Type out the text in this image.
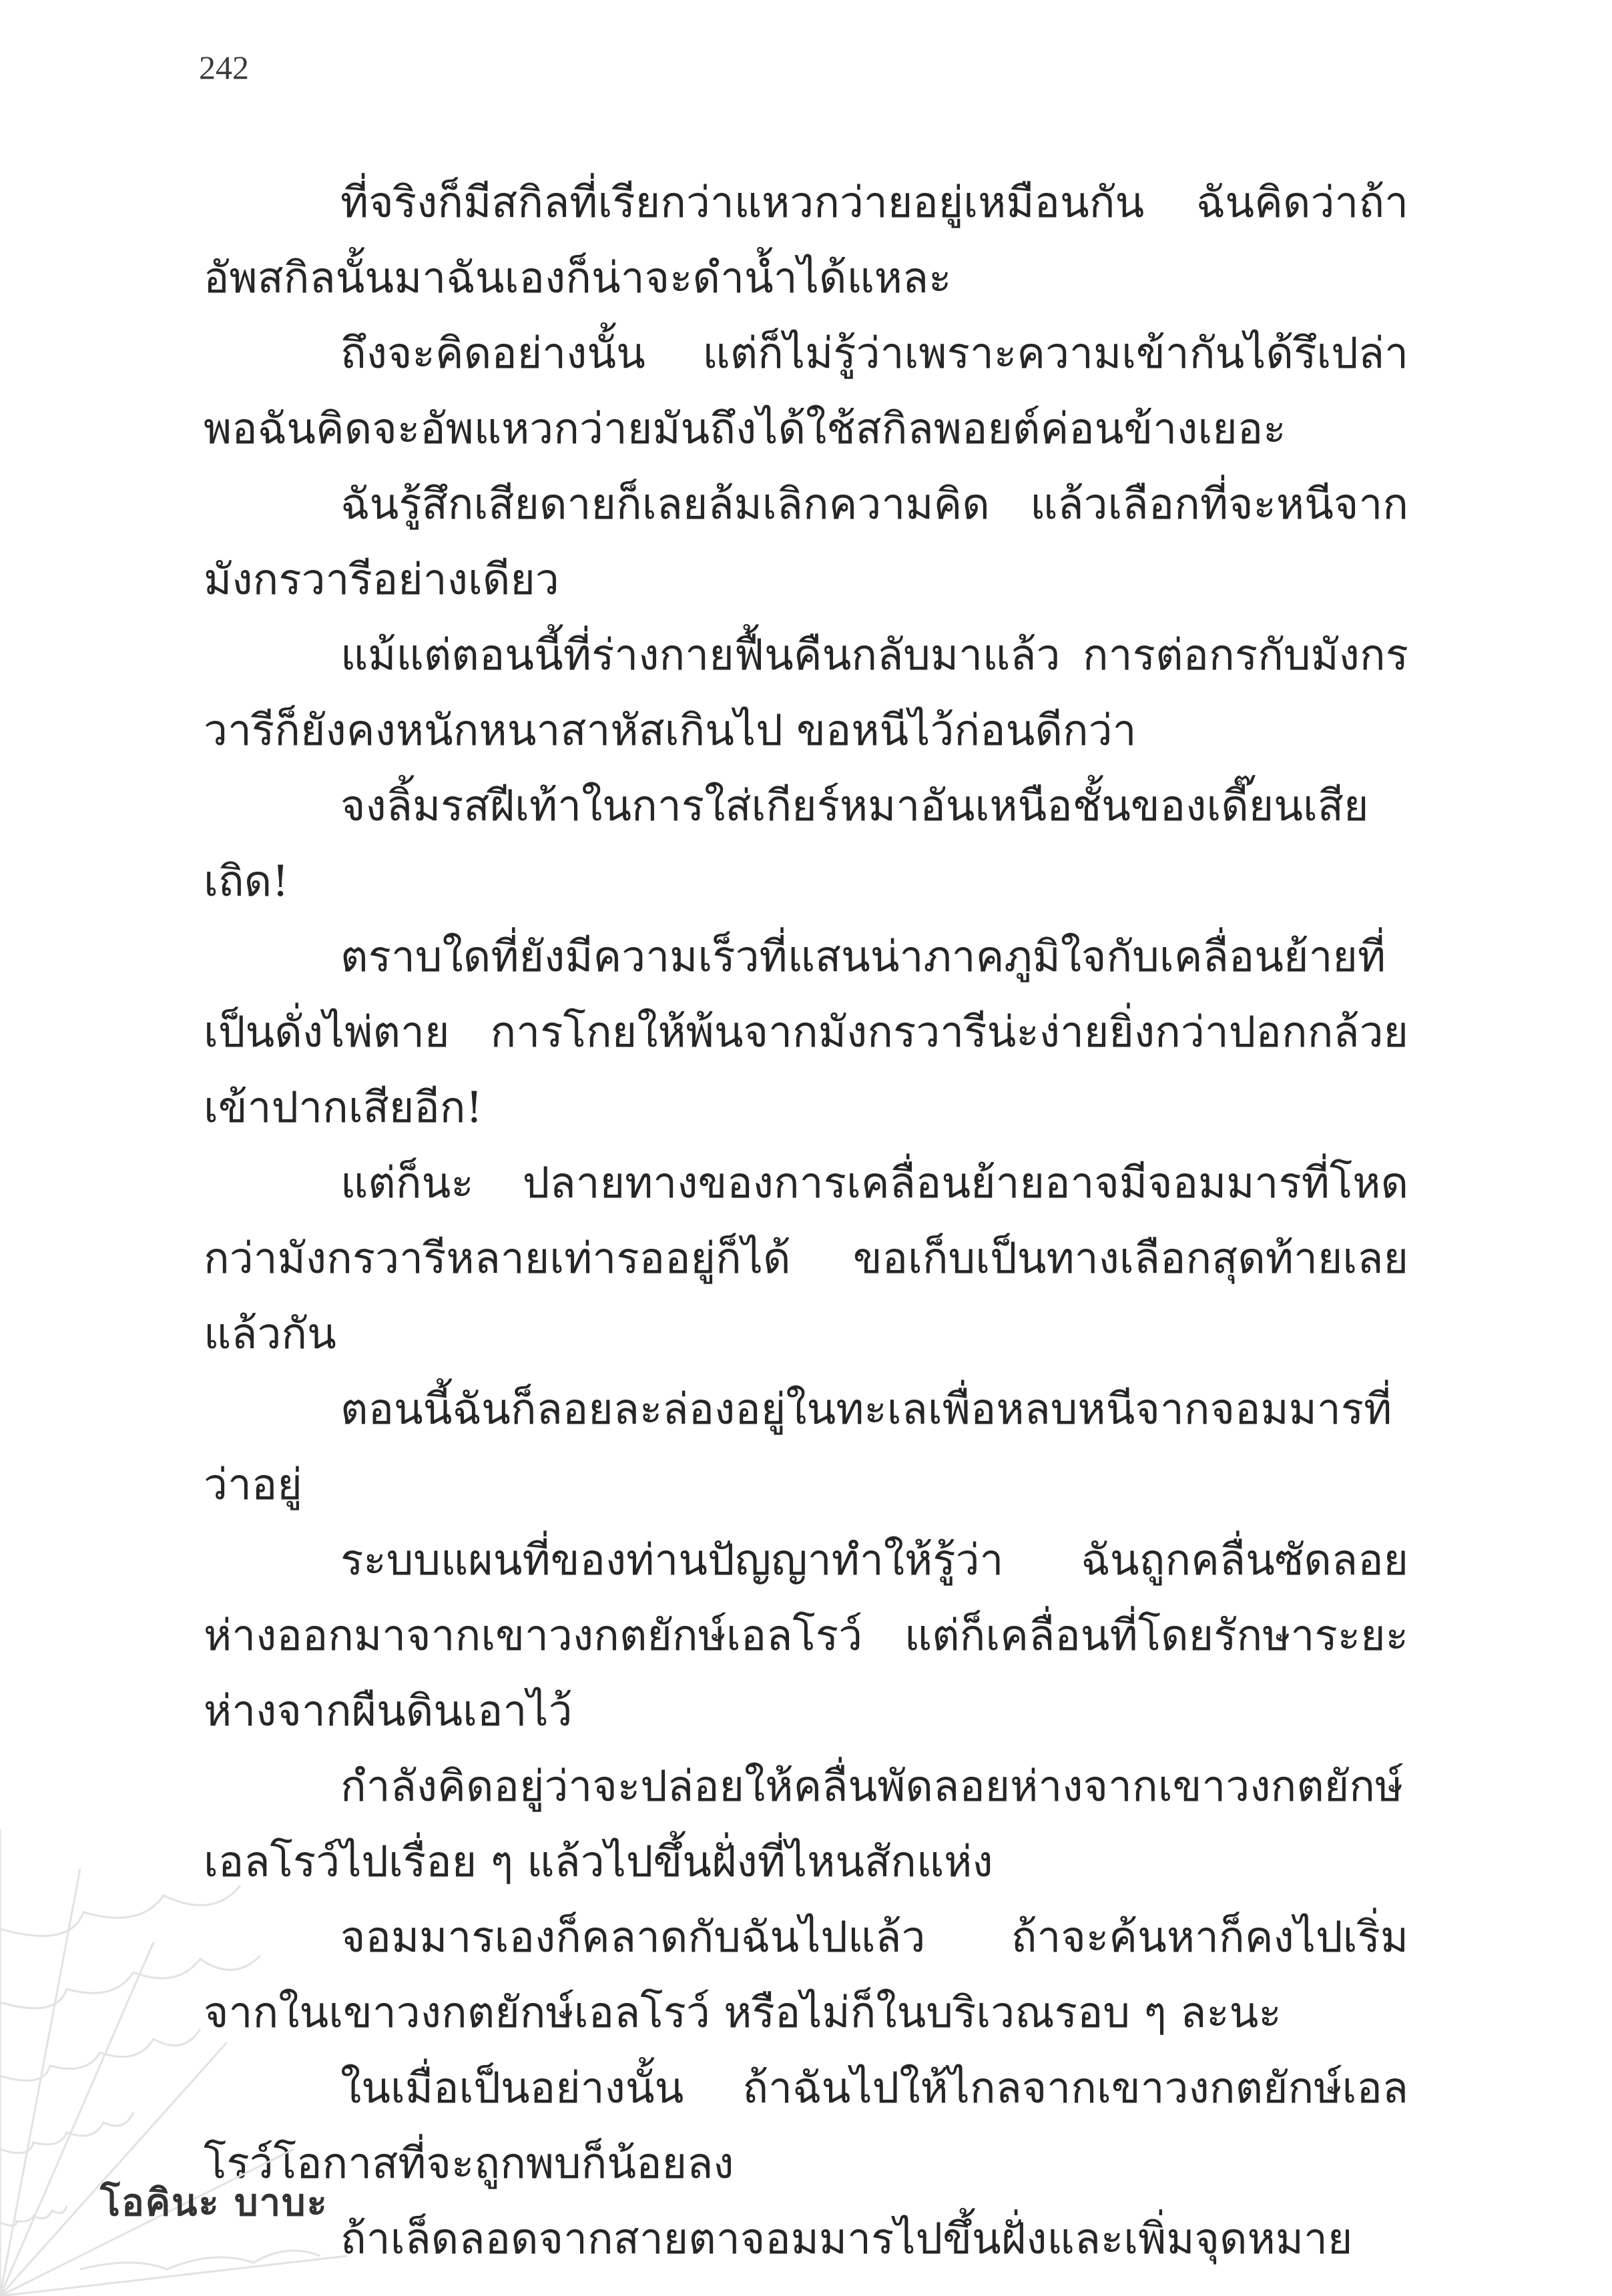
242

ที่จริงก็มีสกิลที่เรียกว่าแหวกว่ายอยู่เหมือนกัน ฉันคิดว่าถ้าอัพสกิลนั้นมาฉันเองก็น่าจะดำน้ำได้แหละ

ถึงจะคิดอย่างนั้น แต่ก็ไม่รู้ว่าเพราะความเข้ากันได้รึเปล่า พอฉันคิดจะอัพแหวกว่ายมันถึงได้ใช้สกิลพอยต์ค่อนข้างเยอะ

ฉันรู้สึกเสียดายก็เลยล้มเลิกความคิด แล้วเลือกที่จะหนีจากมังกรวารีอย่างเดียว

แม้แต่ตอนนี้ที่ร่างกายฟื้นคืนกลับมาแล้ว การต่อกรกับมังกรวารีก็ยังคงหนักหนาสาหัสเกินไป ขอหนีไว้ก่อนดีกว่า

จงลิ้มรสฝีเท้าในการใส่เกียร์หมาอันเหนือชั้นของเดี๊ยนเสียเถิด!

ตราบใดที่ยังมีความเร็วที่แสนน่าภาคภูมิใจกับเคลื่อนย้ายที่เป็นดั่งไพ่ตาย การโกยให้พ้นจากมังกรวารีน่ะง่ายยิ่งกว่าปอกกล้วยเข้าปากเสียอีก!

แต่ก็นะ ปลายทางของการเคลื่อนย้ายอาจมีจอมมารที่โหดกว่ามังกรวารีหลายเท่ารออยู่ก็ได้ ขอเก็บเป็นทางเลือกสุดท้ายเลยแล้วกัน

ตอนนี้ฉันก็ลอยละล่องอยู่ในทะเลเพื่อหลบหนีจากจอมมารที่ว่าอยู่

ระบบแผนที่ของท่านปัญญาทำให้รู้ว่า ฉันถูกคลื่นซัดลอยห่างออกมาจากเขาวงกตยักษ์เอลโรว์ แต่ก็เคลื่อนที่โดยรักษาระยะห่างจากผืนดินเอาไว้

กำลังคิดอยู่ว่าจะปล่อยให้คลื่นพัดลอยห่างจากเขาวงกตยักษ์เอลโรว์ไปเรื่อย ๆ แล้วไปขึ้นฝั่งที่ไหนสักแห่ง

จอมมารเองก็คลาดกับฉันไปแล้ว ถ้าจะค้นหาก็คงไปเริ่มจากในเขาวงกตยักษ์เอลโรว์ หรือไม่ก็ในบริเวณรอบ ๆ ละนะ

ในเมื่อเป็นอย่างนั้น ถ้าฉันไปให้ไกลจากเขาวงกตยักษ์เอลโรว์โอกาสที่จะถูกพบก็น้อยลง

ถ้าเล็ดลอดจากสายตาจอมมารไปขึ้นฝั่งและเพิ่มจุดหมาย

โอคินะ บาบะ
